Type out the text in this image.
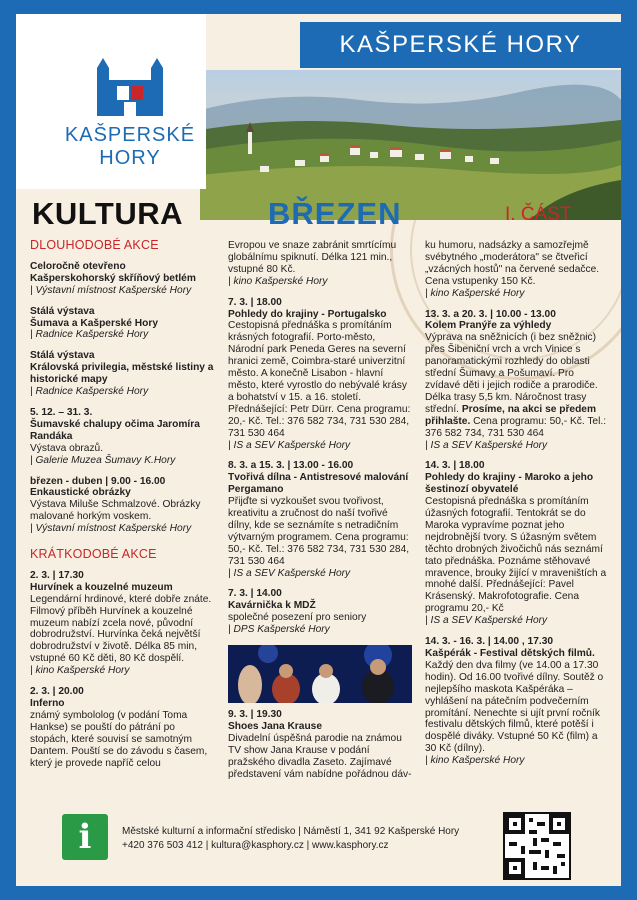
KAŠPERSKÉ HORY
KAŠPERSKÉ
HORY
KULTURA	BŘEZEN	I. ČÁST
DLOUHODOBÉ AKCE
Celoročně otevřeno
Kašperskohorský skříňový betlém
| Výstavní místnost Kašperské Hory
Stálá výstava
Šumava a Kašperské Hory
| Radnice Kašperské Hory
Stálá výstava
Královská privilegia, městské listiny a historické mapy
| Radnice Kašperské Hory
5. 12. – 31. 3.
Šumavské chalupy očima Jaromíra Randáka
Výstava obrazů.
| Galerie Muzea Šumavy K.Hory
březen - duben | 9.00 - 16.00
Enkaustické obrázky
Výstava Miluše Schmalzové. Obrázky malované horkým voskem.
| Výstavní místnost Kašperské Hory
KRÁTKODOBÉ AKCE
2. 3. | 17.30
Hurvínek a kouzelné muzeum
Legendární hrdinové, které dobře znáte. Filmový příběh Hurvínek a kouzelné muzeum nabízí zcela nové, původní dobrodružství. Hurvínka čeká největší dobrodružství v životě. Délka 85 min, vstupné 60 Kč děti, 80 Kč dospělí.
| kino Kašperské Hory
2. 3. | 20.00
Inferno
známý symbololog (v podání Toma Hankse) se pouští do pátrání po stopách, které souvisí se samotným Dantem. Pouští se do závodu s časem, který je provede napříč celou
Evropou ve snaze zabránit smrtícímu globálnímu spiknutí. Délka 121 min., vstupné 80 Kč.
| kino Kašperské Hory
7. 3. | 18.00
Pohledy do krajiny - Portugalsko
Cestopisná přednáška s promítáním krásných fotografií. Porto-město, Národní park Peneda Geres na severní hranici země, Coimbra-staré univerzitní město. A konečně Lisabon - hlavní město, které vyrostlo do nebývalé krásy a bohatství v 15. a 16. století. Přednášející: Petr Dürr. Cena programu: 20,- Kč. Tel.: 376 582 734, 731 530 284, 731 530 464
| IS a SEV Kašperské Hory
8. 3. a 15. 3. | 13.00 - 16.00
Tvořivá dílna - Antistresové malování Pergamano
Přijďte si vyzkoušet svou tvořivost, kreativitu a zručnost do naší tvořivé dílny, kde se seznámíte s netradičním výtvarným programem. Cena programu: 50,- Kč. Tel.: 376 582 734, 731 530 284, 731 530 464
| IS a SEV Kašperské Hory
7. 3. | 14.00
Kavárnička k MDŽ
společné posezení pro seniory
| DPS Kašperské Hory
9. 3. | 19.30
Shoes Jana Krause
Divadelní úspěšná parodie na známou TV show Jana Krause v podání pražského divadla Zaseto. Zajímavé představení vám nabídne pořádnou dáv-
ku humoru, nadsázky a samozřejmě svébytného „moderátora" se čtveřicí „vzácných hostů" na červené sedačce. Cena vstupenky 150 Kč.
| kino Kašperské Hory
13. 3. a 20. 3. | 10.00 - 13.00
Kolem Pranýře za výhledy
Výprava na sněžnicích (i bez sněžnic) přes Šibeniční vrch a vrch Vinice s panoramatickými rozhledy do oblasti střední Šumavy a Pošumaví. Pro zvídavé děti i jejich rodiče a prarodiče. Délka trasy 5,5 km. Náročnost trasy střední. Prosíme, na akci se předem přihlašte. Cena programu: 50,- Kč. Tel.: 376 582 734, 731 530 464
| IS a SEV Kašperské Hory
14. 3. | 18.00
Pohledy do krajiny - Maroko a jeho šestinozí obyvatelé
Cestopisná přednáška s promítáním úžasných fotografií. Tentokrát se do Maroka vypravíme poznat jeho nejdrobnější tvory. S úžasným světem těchto drobných živočichů nás seznámí tato přednáška. Poznáme stěhovavé mravence, brouky žijící v mraveništích a mnohé další. Přednášející: Pavel Krásenský. Makrofotografie. Cena programu 20,- Kč
| IS a SEV Kašperské Hory
14. 3. - 16. 3. | 14.00 , 17.30
Kašpérák - Festival dětských filmů.
Každý den dva filmy (ve 14.00 a 17.30 hodin). Od 16.00 tvořivé dílny. Soutěž o nejlepšího maskota Kašpéráka – vyhlášení na pátečním podvečerním promítání. Nenechte si ujít první ročník festivalu dětských filmů, které potěší i dospělé diváky. Vstupné 50 Kč (film) a 30 Kč (dílny).
| kino Kašperské Hory
i	Městské kulturní a informační středisko | Náměstí 1, 341 92 Kašperské Hory
+420 376 503 412 | kultura@kasphory.cz | www.kasphory.cz
